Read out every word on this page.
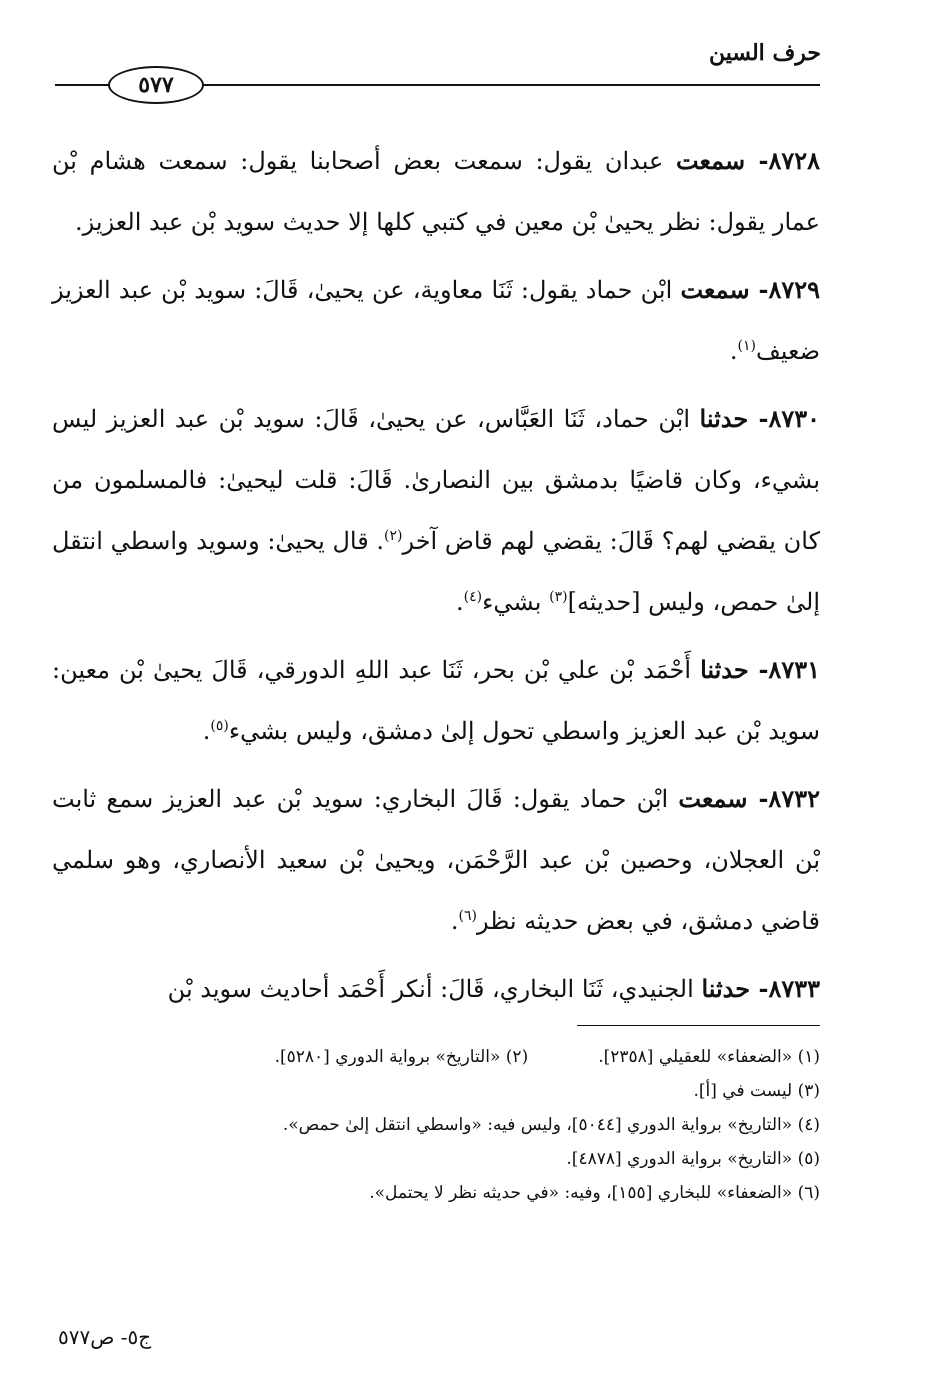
حرف السين
٥٧٧

٨٧٢٨- سمعت عبدان يقول: سمعت بعض أصحابنا يقول: سمعت هشام بْن عمار يقول: نظر يحيىٰ بْن معين في كتبي كلها إلا حديث سويد بْن عبد العزيز.

٨٧٢٩- سمعت ابْن حماد يقول: ثَنَا معاوية، عن يحيىٰ، قَالَ: سويد بْن عبد العزيز ضعيف$^{(١)}$.

٨٧٣٠- حدثنا ابْن حماد، ثَنَا العَبَّاس، عن يحيىٰ، قَالَ: سويد بْن عبد العزيز ليس بشيء، وكان قاضيًا بدمشق بين النصارىٰ. قَالَ: قلت ليحيىٰ: فالمسلمون من كان يقضي لهم؟ قَالَ: يقضي لهم قاض آخر$^{(٢)}$. قال يحيىٰ: وسويد واسطي انتقل إلىٰ حمص، وليس [حديثه]$^{(٣)}$ بشيء$^{(٤)}$.

٨٧٣١- حدثنا أَحْمَد بْن علي بْن بحر، ثَنَا عبد اللهِ الدورقي، قَالَ يحيىٰ بْن معين: سويد بْن عبد العزيز واسطي تحول إلىٰ دمشق، وليس بشيء$^{(٥)}$.

٨٧٣٢- سمعت ابْن حماد يقول: قَالَ البخاري: سويد بْن عبد العزيز سمع ثابت بْن العجلان، وحصين بْن عبد الرَّحْمَن، ويحيىٰ بْن سعيد الأنصاري، وهو سلمي قاضي دمشق، في بعض حديثه نظر$^{(٦)}$.

٨٧٣٣- حدثنا الجنيدي، ثَنَا البخاري، قَالَ: أنكر أَحْمَد أحاديث سويد بْن

(١) «الضعفاء» للعقيلي [٢٣٥٨].
(٢) «التاريخ» برواية الدوري [٥٢٨٠].
(٣) ليست في [أ].
(٤) «التاريخ» برواية الدوري [٥٠٤٤]، وليس فيه: «واسطي انتقل إلىٰ حمص».
(٥) «التاريخ» برواية الدوري [٤٨٧٨].
(٦) «الضعفاء» للبخاري [١٥٥]، وفيه: «في حديثه نظر لا يحتمل».
ج٥- ص٥٧٧
